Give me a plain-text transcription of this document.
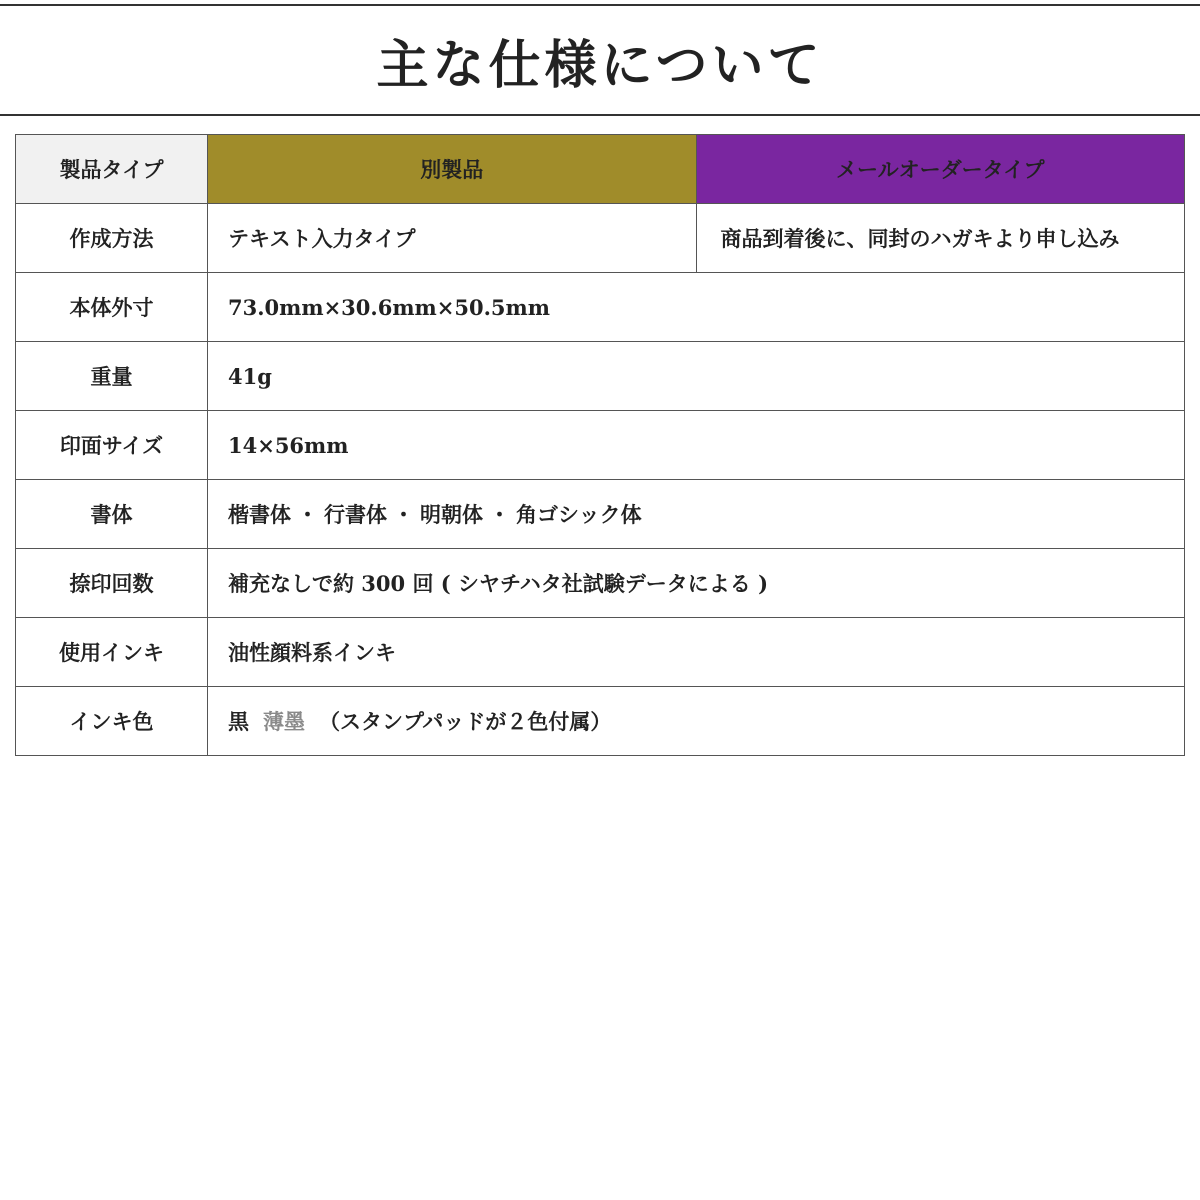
主な仕様について
製品タイプ	別製品	メールオーダータイプ
作成方法	テキスト入力タイプ	商品到着後に、同封のハガキより申し込み
本体外寸	73.0mm×30.6mm×50.5mm	
重量	41g	
印面サイズ	14×56mm	
書体	楷書体 ・ 行書体 ・ 明朝体 ・ 角ゴシック体	
捺印回数	補充なしで約 300 回 ( シヤチハタ社試験データによる )	
使用インキ	油性顔料系インキ	
インキ色	黒 薄墨 （スタンプパッドが２色付属）	
